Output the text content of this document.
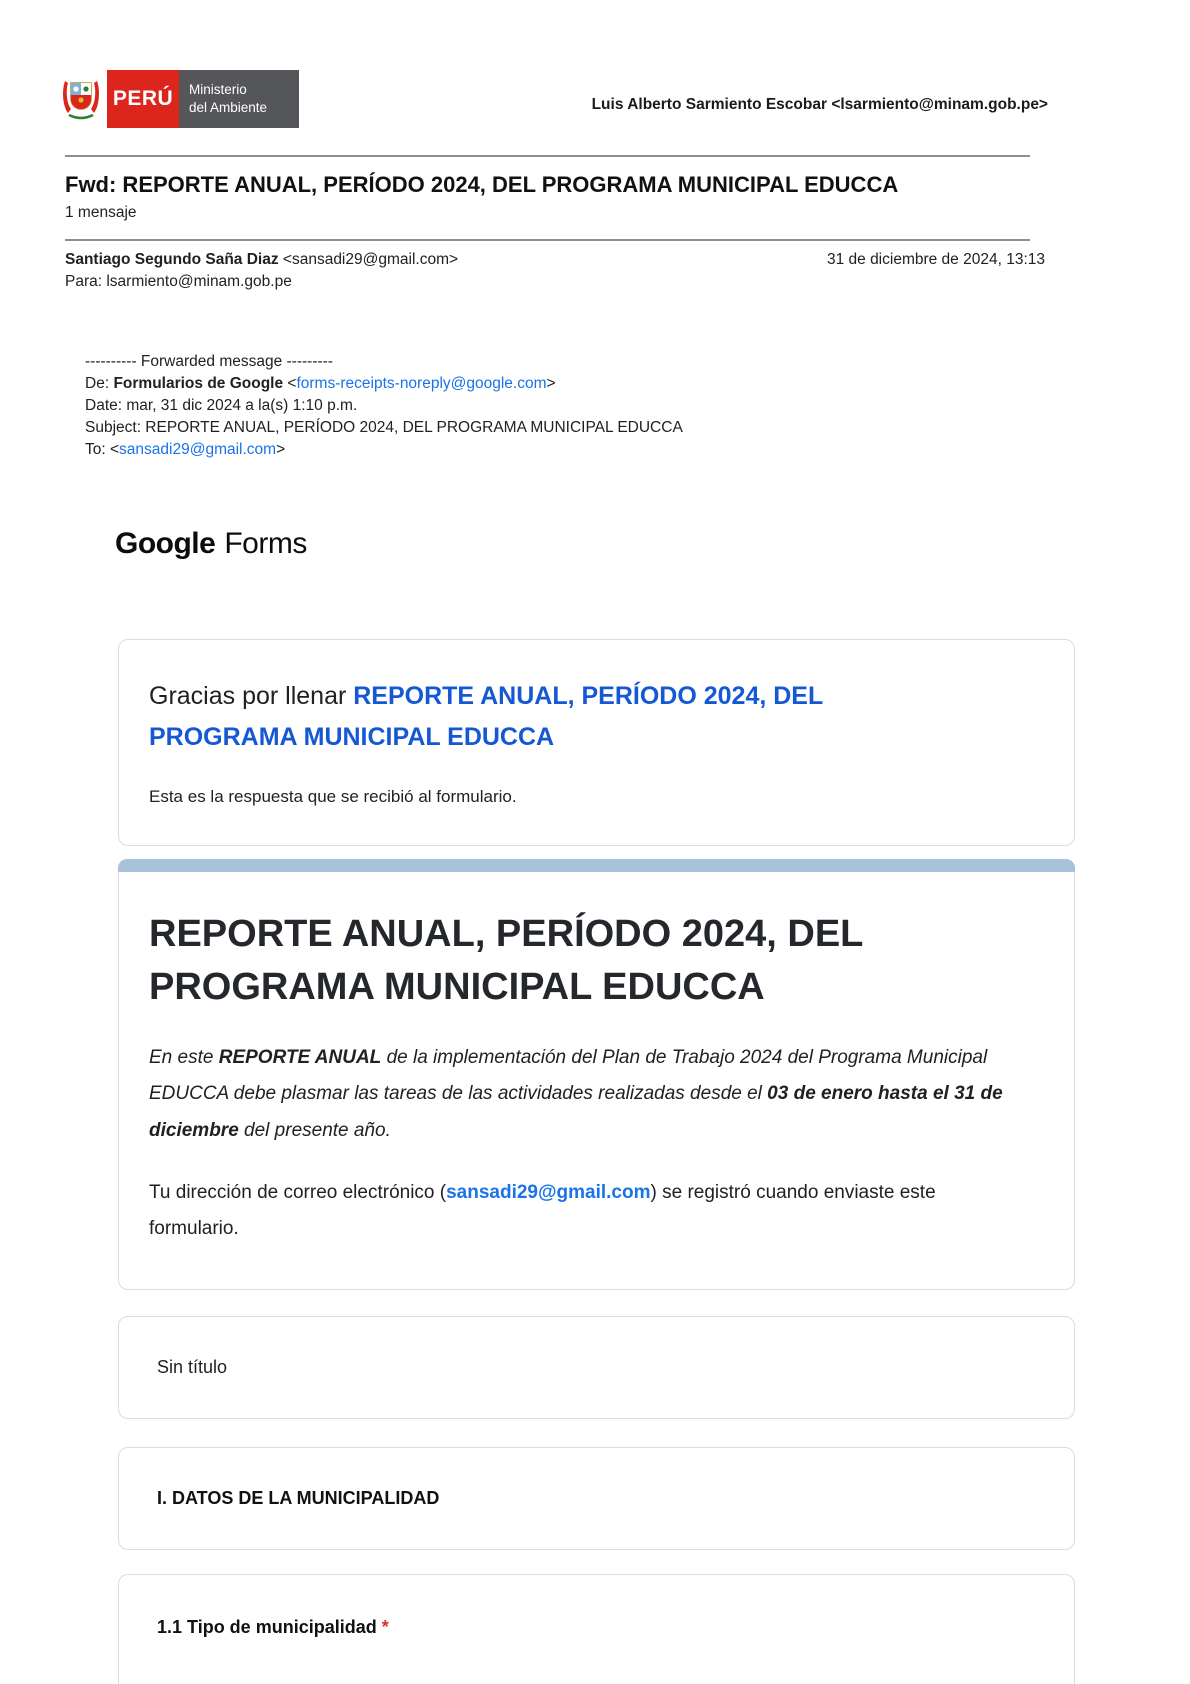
PERÚ Ministerio
del Ambiente	Luis Alberto Sarmiento Escobar <lsarmiento@minam.gob.pe>
Fwd: REPORTE ANUAL, PERÍODO 2024, DEL PROGRAMA MUNICIPAL EDUCCA
1 mensaje
Santiago Segundo Saña Diaz <sansadi29@gmail.com>	31 de diciembre de 2024, 13:13
Para: lsarmiento@minam.gob.pe
---------- Forwarded message ---------
De: Formularios de Google <forms-receipts-noreply@google.com>
Date: mar, 31 dic 2024 a la(s) 1:10 p.m.
Subject: REPORTE ANUAL, PERÍODO 2024, DEL PROGRAMA MUNICIPAL EDUCCA
To: <sansadi29@gmail.com>
Google Forms
Gracias por llenar REPORTE ANUAL, PERÍODO 2024, DEL PROGRAMA MUNICIPAL EDUCCA
Esta es la respuesta que se recibió al formulario.
REPORTE ANUAL, PERÍODO 2024, DEL PROGRAMA MUNICIPAL EDUCCA
En este REPORTE ANUAL de la implementación del Plan de Trabajo 2024 del Programa Municipal EDUCCA debe plasmar las tareas de las actividades realizadas desde el 03 de enero hasta el 31 de diciembre del presente año.
Tu dirección de correo electrónico (sansadi29@gmail.com) se registró cuando enviaste este formulario.
Sin título
I. DATOS DE LA MUNICIPALIDAD
1.1 Tipo de municipalidad *
